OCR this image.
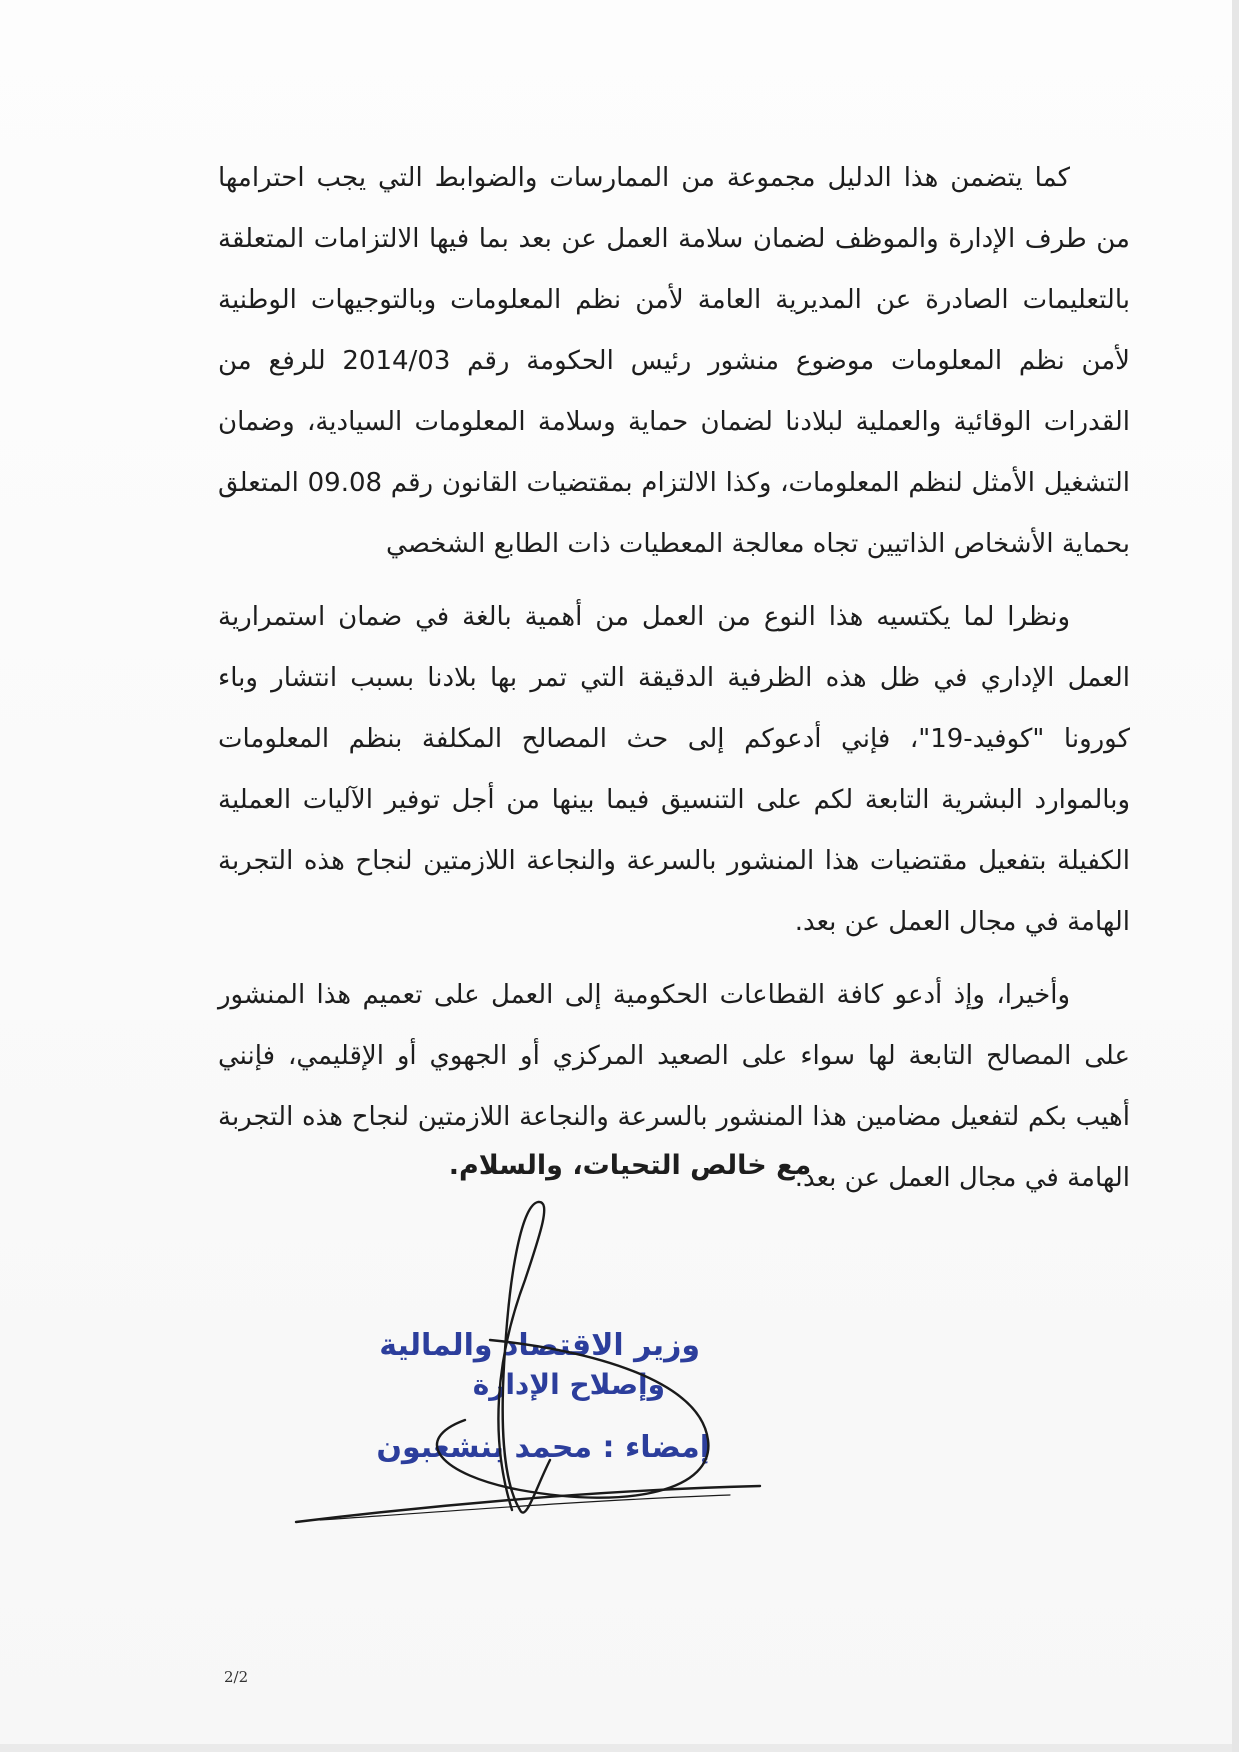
كما يتضمن هذا الدليل مجموعة من الممارسات والضوابط التي يجب احترامها من طرف الإدارة والموظف لضمان سلامة العمل عن بعد بما فيها الالتزامات المتعلقة بالتعليمات الصادرة عن المديرية العامة لأمن نظم المعلومات وبالتوجيهات الوطنية لأمن نظم المعلومات موضوع منشور رئيس الحكومة رقم 2014/03 للرفع من القدرات الوقائية والعملية لبلادنا لضمان حماية وسلامة المعلومات السيادية، وضمان التشغيل الأمثل لنظم المعلومات، وكذا الالتزام بمقتضيات القانون رقم 09.08 المتعلق بحماية الأشخاص الذاتيين تجاه معالجة المعطيات ذات الطابع الشخصي

ونظرا لما يكتسيه هذا النوع من العمل من أهمية بالغة في ضمان استمرارية العمل الإداري في ظل هذه الظرفية الدقيقة التي تمر بها بلادنا بسبب انتشار وباء كورونا "كوفيد-19"، فإني أدعوكم إلى حث المصالح المكلفة بنظم المعلومات وبالموارد البشرية التابعة لكم على التنسيق فيما بينها من أجل توفير الآليات العملية الكفيلة بتفعيل مقتضيات هذا المنشور بالسرعة والنجاعة اللازمتين لنجاح هذه التجربة الهامة في مجال العمل عن بعد.

وأخيرا، وإذ أدعو كافة القطاعات الحكومية إلى العمل على تعميم هذا المنشور على المصالح التابعة لها سواء على الصعيد المركزي أو الجهوي أو الإقليمي، فإنني أهيب بكم لتفعيل مضامين هذا المنشور بالسرعة والنجاعة اللازمتين لنجاح هذه التجربة الهامة في مجال العمل عن بعد.

مع خالص التحيات، والسلام.
وزير الاقتصاد والمالية
وإصلاح الإدارة
إمضاء : محمد بنشعبون
2/2
